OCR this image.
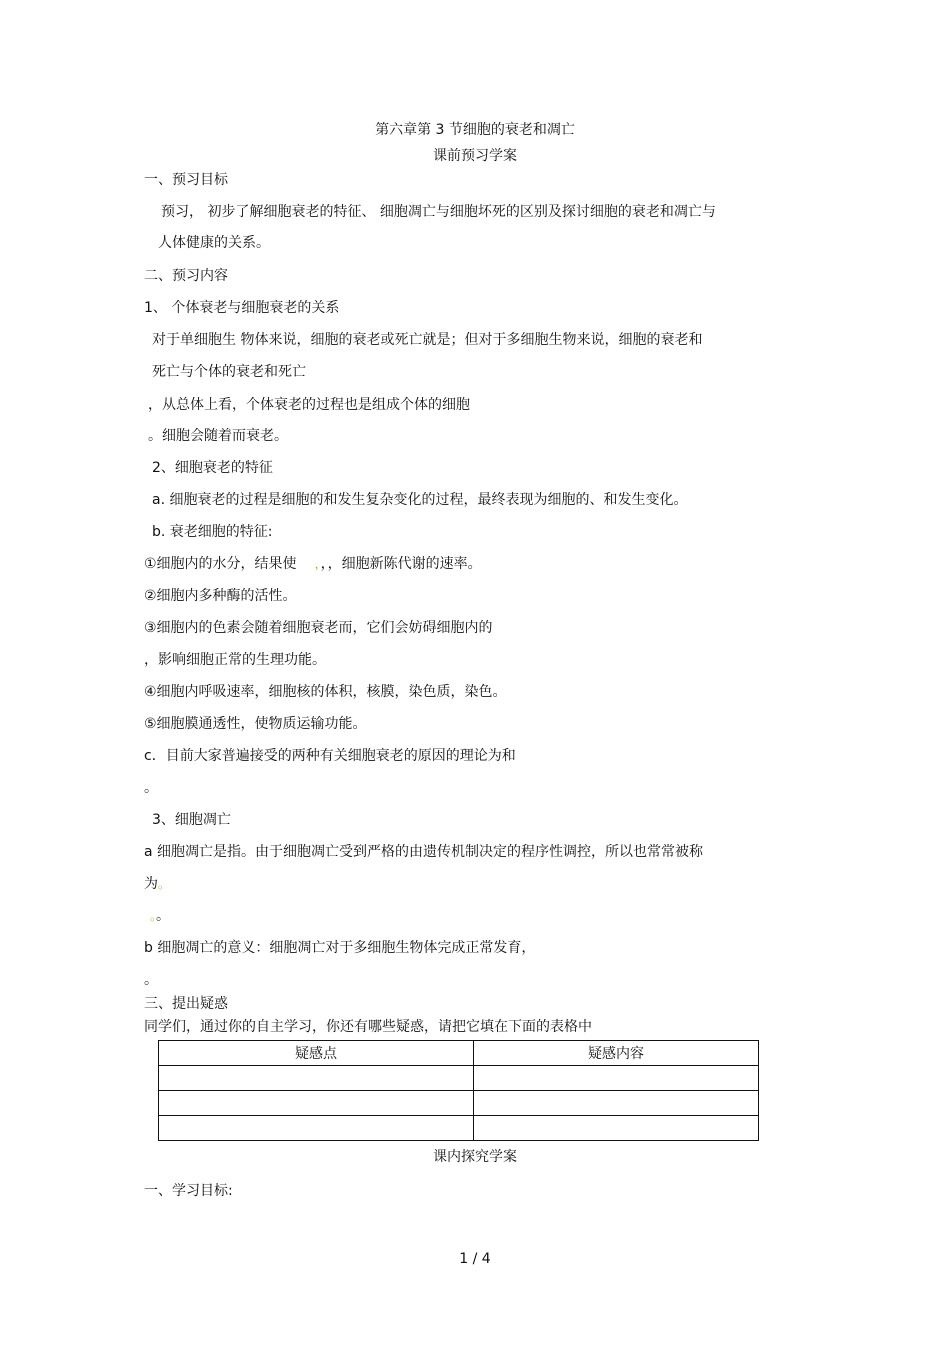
第六章第 3 节细胞的衰老和凋亡
课前预习学案
一、预习目标
预习， 初步了解细胞衰老的特征、 细胞凋亡与细胞坏死的区别及探讨细胞的衰老和凋亡与
人体健康的关系。
二、预习内容
1、 个体衰老与细胞衰老的关系
对于单细胞生 物体来说，细胞的衰老或死亡就是；但对于多细胞生物来说，细胞的衰老和
死亡与个体的衰老和死亡
，从总体上看，个体衰老的过程也是组成个体的细胞
。细胞会随着而衰老。
2、细胞衰老的特征
a. 细胞衰老的过程是细胞的和发生复杂变化的过程，最终表现为细胞的、和发生变化。
b. 衰老细胞的特征:
①细胞内的水分，结果使 ，，，细胞新陈代谢的速率。
②细胞内多种酶的活性。
③细胞内的色素会随着细胞衰老而，它们会妨碍细胞内的
，影响细胞正常的生理功能。
④细胞内呼吸速率，细胞核的体积，核膜，染色质，染色。
⑤细胞膜通透性，使物质运输功能。
c．目前大家普遍接受的两种有关细胞衰老的原因的理论为和
。
3、细胞凋亡
a 细胞凋亡是指。由于细胞凋亡受到严格的由遗传机制决定的程序性调控，所以也常常被称
为。
。。
b 细胞凋亡的意义：细胞凋亡对于多细胞生物体完成正常发育，
。
三、提出疑惑
同学们，通过你的自主学习，你还有哪些疑惑，请把它填在下面的表格中
疑感点	疑感内容

课内探究学案
一、学习目标:
1 / 4
